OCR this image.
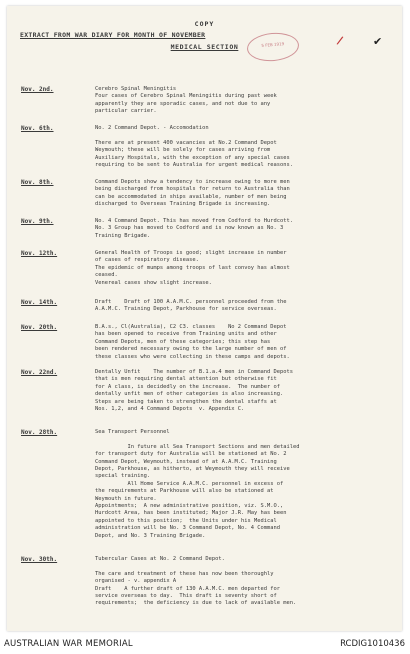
COPY
EXTRACT FROM WAR DIARY FOR MONTH OF NOVEMBER
MEDICAL SECTION	5 FEB 1919	/	✔
Nov. 2nd.	Cerebro Spinal Meningitis
Four cases of Cerebro Spinal Meningitis during past week
apparently they are sporadic cases, and not due to any
particular carrier.
Nov. 6th.	No. 2 Command Depot. - Accomodation

There are at present 400 vacancies at No.2 Command Depot
Weymouth; these will be solely for cases arriving from
Auxiliary Hospitals, with the exception of any special cases
requiring to be sent to Australia for urgent medical reasons.
Nov. 8th.	Command Depots show a tendency to increase owing to more men
being discharged from hospitals for return to Australia than
can be accommodated in ships available, number of men being
discharged to Overseas Training Brigade is increasing.
Nov. 9th.	No. 4 Command Depot. This has moved from Codford to Hurdcott.
No. 3 Group has moved to Codford and is now known as No. 3
Training Brigade.
Nov. 12th.	General Health of Troops is good; slight increase in number
of cases of respiratory disease.
The epidemic of mumps among troops of last convoy has almost
ceased.
Venereal cases show slight increase.
Nov. 14th.	Draft    Draft of 100 A.A.M.C. personnel proceeded from the
A.A.M.C. Training Depot, Parkhouse for service overseas.
Nov. 20th.	B.A.s., Cl(Australia), C2 C3. classes    No 2 Command Depot
has been opened to receive from Training units and other
Command Depots, men of these categories; this step has
been rendered necessary owing to the large number of men of
these classes who were collecting in these camps and depots.
Nov. 22nd.	Dentally Unfit    The number of B.1.a.4 men in Command Depots
that is men requiring dental attention but otherwise fit
for A class, is decidedly on the increase.  The number of
dentally unfit men of other categories is also increasing.
Steps are being taken to strengthen the dental staffs at
Nos. 1,2, and 4 Command Depots  v. Appendix C.
Nov. 28th.	Sea Transport Personnel

In future all Sea Transport Sections and men detailed
for transport duty for Australia will be stationed at No. 2
Command Depot, Weymouth, instead of at A.A.M.C. Training
Depot, Parkhouse, as hitherto, at Weymouth they will receive
special training.
All Home Service A.A.M.C. personnel in excess of
the requirements at Parkhouse will also be stationed at
Weymouth in future.
Appointments;  A new administrative position, viz. S.M.O.,
Hurdcott Area, has been instituted; Major J.R. May has been
appointed to this position;  the Units under his Medical
administration will be No. 3 Command Depot, No. 4 Command
Depot, and No. 3 Training Brigade.
Nov. 30th.	Tubercular Cases at No. 2 Command Depot.

The care and treatment of these has now been thoroughly
organised - v. appendix A
Draft    A further draft of 130 A.A.M.C. men departed for
service overseas to day.  This draft is seventy short of
requirements;  the deficiency is due to lack of available men.
AUSTRALIAN WAR MEMORIAL	RCDIG1010436
